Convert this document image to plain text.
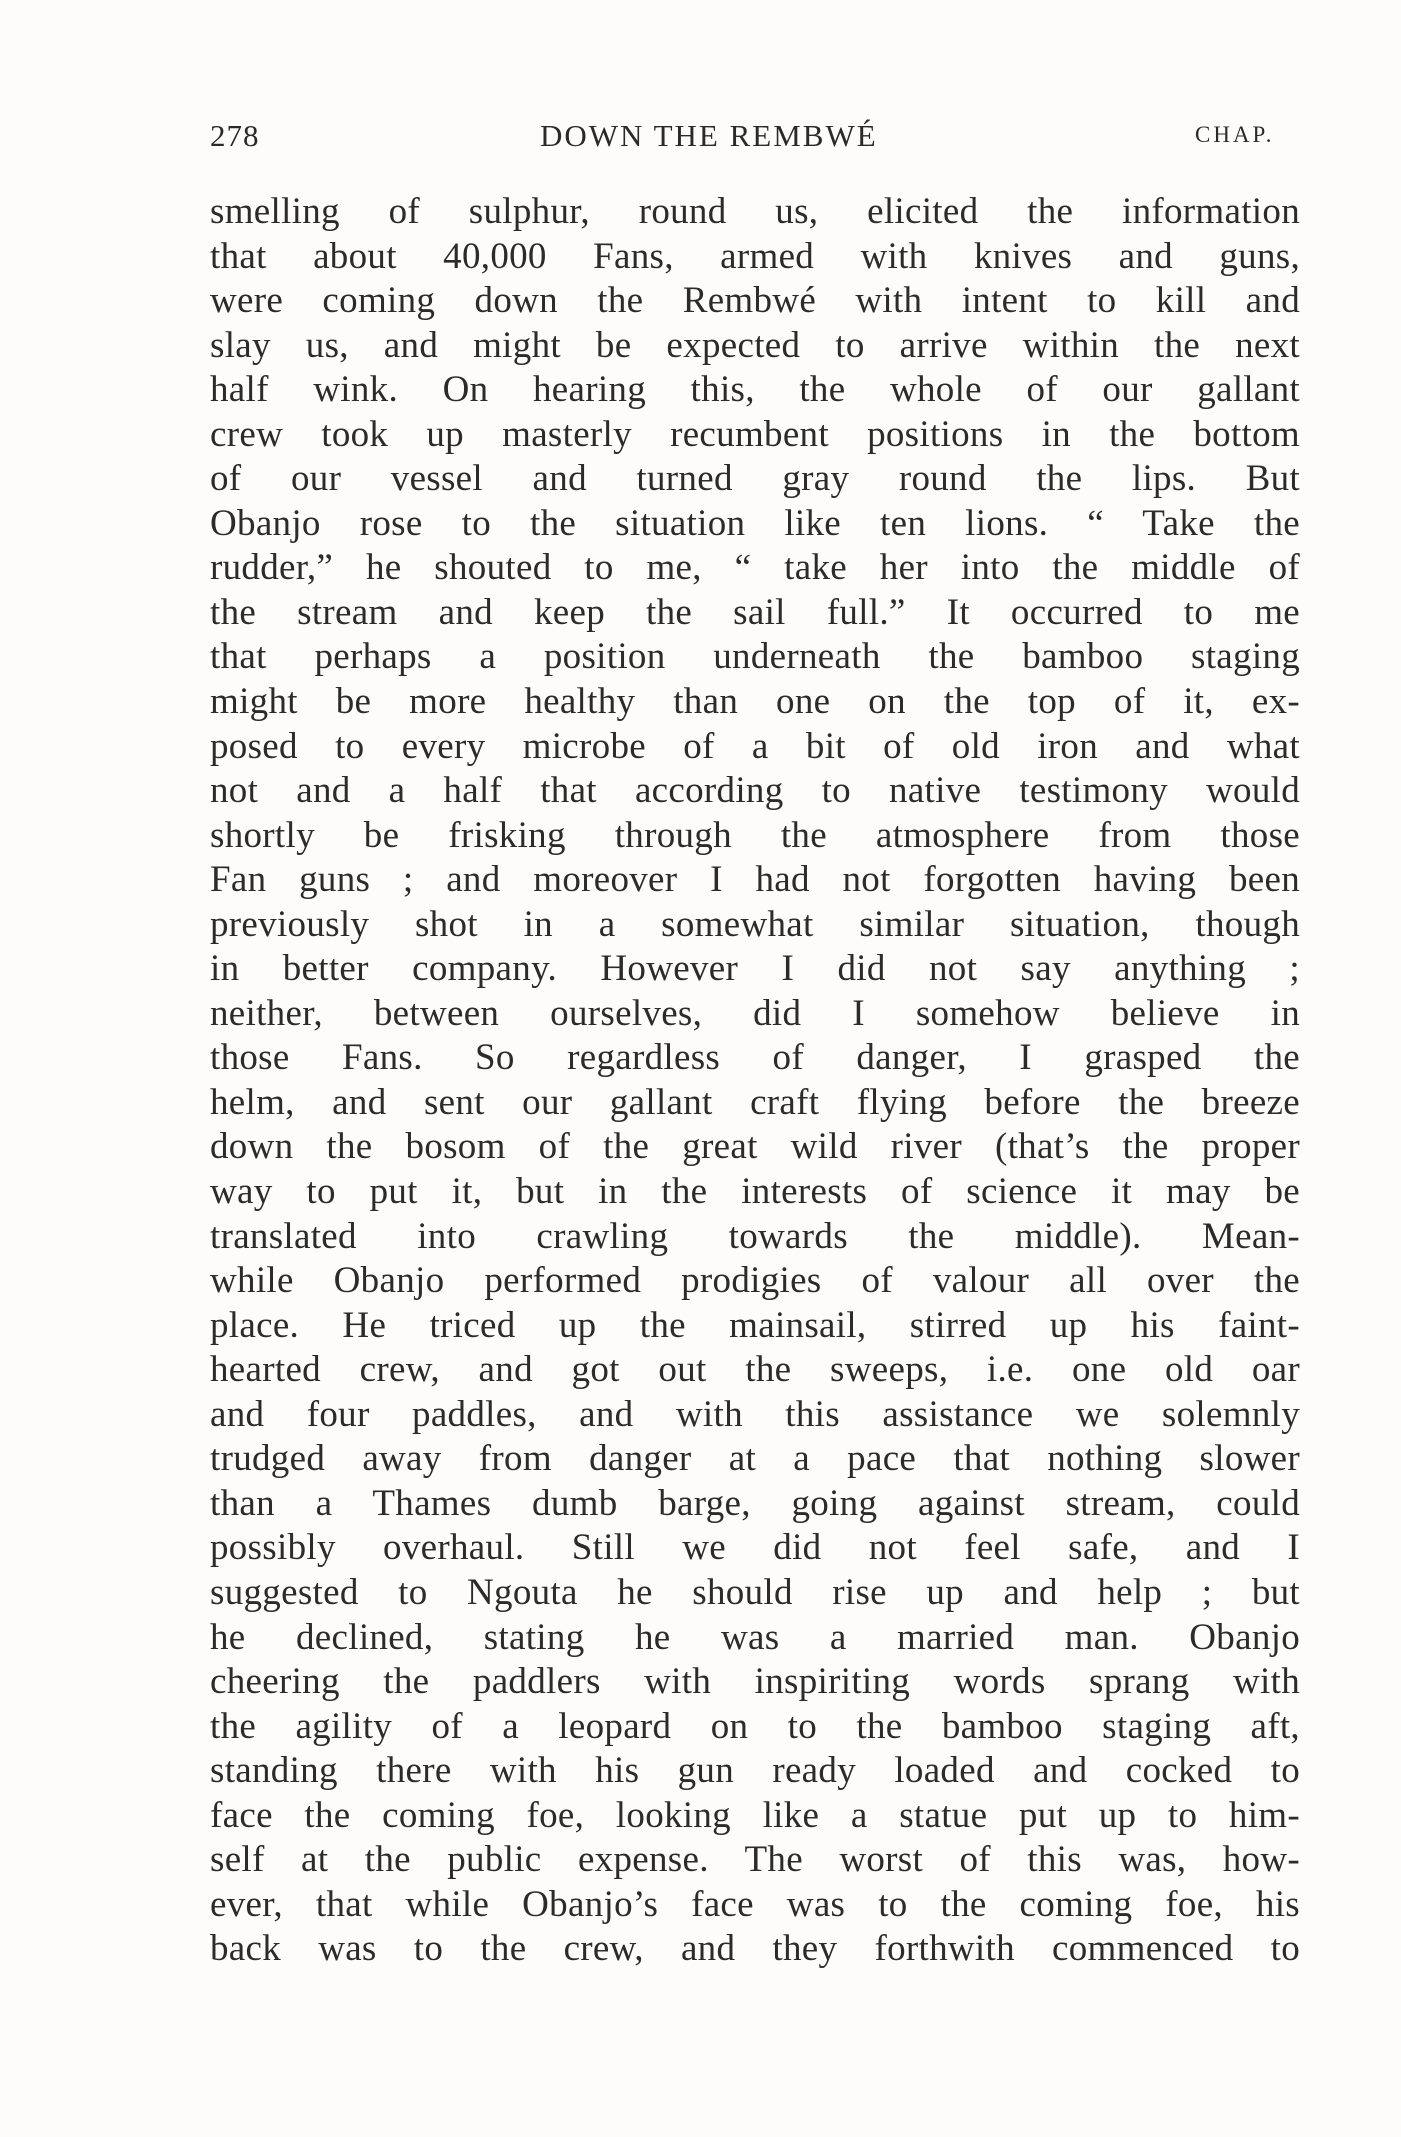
278	DOWN THE REMBWÉ	CHAP.
smelling of sulphur, round us, elicited the information
that about 40,000 Fans, armed with knives and guns,
were coming down the Rembwé with intent to kill and
slay us, and might be expected to arrive within the next
half wink. On hearing this, the whole of our gallant
crew took up masterly recumbent positions in the bottom
of our vessel and turned gray round the lips. But
Obanjo rose to the situation like ten lions. “ Take the
rudder,” he shouted to me, “ take her into the middle of
the stream and keep the sail full.” It occurred to me
that perhaps a position underneath the bamboo staging
might be more healthy than one on the top of it, ex-
posed to every microbe of a bit of old iron and what
not and a half that according to native testimony would
shortly be frisking through the atmosphere from those
Fan guns ; and moreover I had not forgotten having been
previously shot in a somewhat similar situation, though
in better company. However I did not say anything ;
neither, between ourselves, did I somehow believe in
those Fans. So regardless of danger, I grasped the
helm, and sent our gallant craft flying before the breeze
down the bosom of the great wild river (that’s the proper
way to put it, but in the interests of science it may be
translated into crawling towards the middle). Mean-
while Obanjo performed prodigies of valour all over the
place. He triced up the mainsail, stirred up his faint-
hearted crew, and got out the sweeps, i.e. one old oar
and four paddles, and with this assistance we solemnly
trudged away from danger at a pace that nothing slower
than a Thames dumb barge, going against stream, could
possibly overhaul. Still we did not feel safe, and I
suggested to Ngouta he should rise up and help ; but
he declined, stating he was a married man. Obanjo
cheering the paddlers with inspiriting words sprang with
the agility of a leopard on to the bamboo staging aft,
standing there with his gun ready loaded and cocked to
face the coming foe, looking like a statue put up to him-
self at the public expense. The worst of this was, how-
ever, that while Obanjo’s face was to the coming foe, his
back was to the crew, and they forthwith commenced to
